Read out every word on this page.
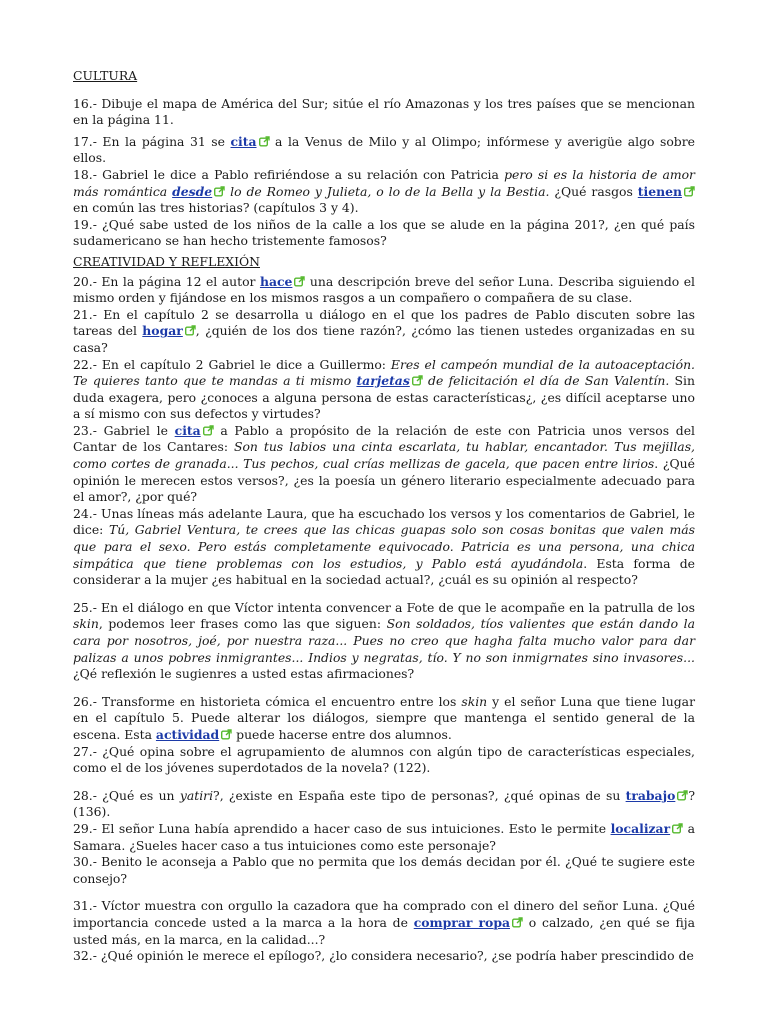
CULTURA

16.- Dibuje el mapa de América del Sur; sitúe el río Amazonas y los tres países que se mencionan en la página 11.

17.- En la página 31 se cita
a la Venus de Milo y al Olimpo; infórmese y averigüe algo sobre ellos.

18.- Gabriel le dice a Pablo refiriéndose a su relación con Patricia pero si es la historia de amor más romántica desde
lo de Romeo y Julieta, o lo de la Bella y la Bestia. ¿Qué rasgos tienen
en común las tres historias? (capítulos 3 y 4).

19.- ¿Qué sabe usted de los niños de la calle a los que se alude en la página 201?, ¿en qué país sudamericano se han hecho tristemente famosos?

CREATIVIDAD Y REFLEXIÓN

20.- En la página 12 el autor hace
una descripción breve del señor Luna. Describa siguiendo el mismo orden y fijándose en los mismos rasgos a un compañero o compañera de su clase.

21.- En el capítulo 2 se desarrolla u diálogo en el que los padres de Pablo discuten sobre las tareas del hogar , ¿quién de los dos tiene razón?, ¿cómo las tienen ustedes organizadas en su casa?

22.- En el capítulo 2 Gabriel le dice a Guillermo: Eres el campeón mundial de la autoaceptación. Te quieres tanto que te mandas a ti mismo tarjetas
de felicitación el día de San Valentín. Sin duda exagera, pero ¿conoces a alguna persona de estas características¿, ¿es difícil aceptarse uno a sí mismo con sus defectos y virtudes?

23.- Gabriel le cita
a Pablo a propósito de la relación de este con Patricia unos versos del Cantar de los Cantares: Son tus labios una cinta escarlata, tu hablar, encantador. Tus mejillas, como cortes de granada... Tus pechos, cual crías mellizas de gacela, que pacen entre lirios. ¿Qué opinión le merecen estos versos?, ¿es la poesía un género literario especialmente adecuado para el amor?, ¿por qué?

24.- Unas líneas más adelante Laura, que ha escuchado los versos y los comentarios de Gabriel, le dice: Tú, Gabriel Ventura, te crees que las chicas guapas solo son cosas bonitas que valen más que para el sexo. Pero estás completamente equivocado. Patricia es una persona, una chica simpática que tiene problemas con los estudios, y Pablo está ayudándola. Esta forma de considerar a la mujer ¿es habitual en la sociedad actual?, ¿cuál es su opinión al respecto?

25.- En el diálogo en que Víctor intenta convencer a Fote de que le acompañe en la patrulla de los skin, podemos leer frases como las que siguen: Son soldados, tíos valientes que están dando la cara por nosotros, joé, por nuestra raza... Pues no creo que hagha falta mucho valor para dar palizas a unos pobres inmigrantes... Indios y negratas, tío. Y no son inmigrnates sino invasores... ¿Qé reflexión le sugienres a usted estas afirmaciones?

26.- Transforme en historieta cómica el encuentro entre los skin y el señor Luna que tiene lugar en el capítulo 5. Puede alterar los diálogos, siempre que mantenga el sentido general de la escena. Esta actividad
puede hacerse entre dos alumnos.

27.- ¿Qué opina sobre el agrupamiento de alumnos con algún tipo de características especiales, como el de los jóvenes superdotados de la novela? (122).

28.- ¿Qué es un yatiri?, ¿existe en España este tipo de personas?, ¿qué opinas de su trabajo ? (136).

29.- El señor Luna había aprendido a hacer caso de sus intuiciones. Esto le permite localizar
a Samara. ¿Sueles hacer caso a tus intuiciones como este personaje?

30.- Benito le aconseja a Pablo que no permita que los demás decidan por él. ¿Qué te sugiere este consejo?

31.- Víctor muestra con orgullo la cazadora que ha comprado con el dinero del señor Luna. ¿Qué importancia concede usted a la marca a la hora de comprar ropa
o calzado, ¿en qué se fija usted más, en la marca, en la calidad...?

32.- ¿Qué opinión le merece el epílogo?, ¿lo considera necesario?, ¿se podría haber prescindido de
